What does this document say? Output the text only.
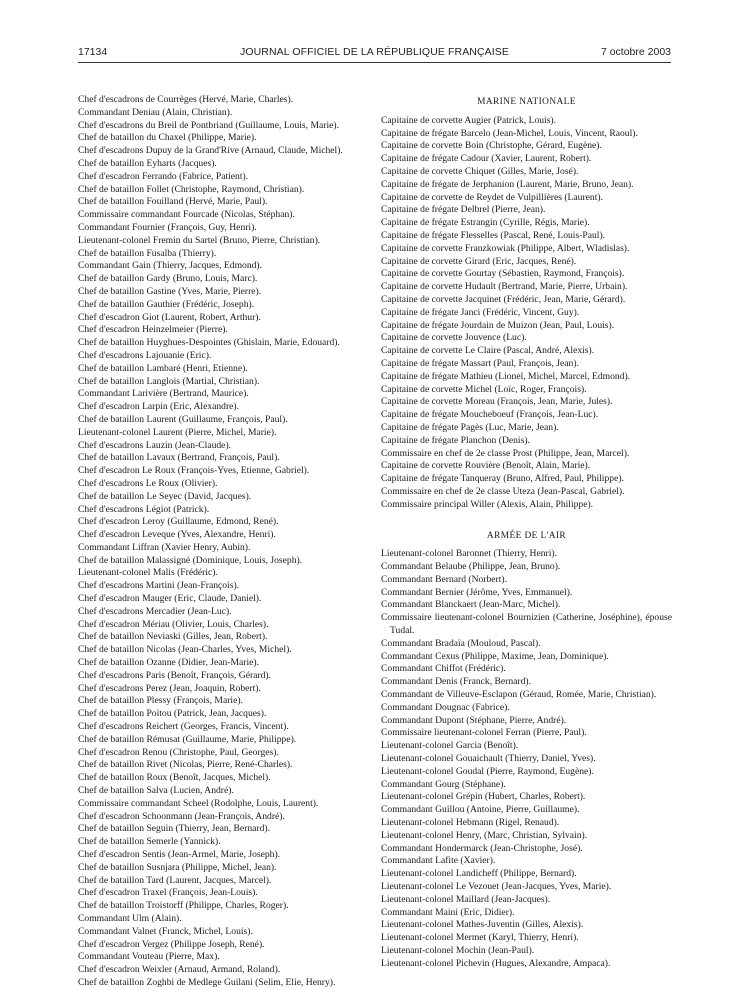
17134	JOURNAL OFFICIEL DE LA RÉPUBLIQUE FRANÇAISE	7 octobre 2003
Chef d'escadrons de Courrèges (Hervé, Marie, Charles).
Commandant Deniau (Alain, Christian).
Chef d'escadrons du Breil de Pontbriand (Guillaume, Louis, Marie).
Chef de bataillon du Chaxel (Philippe, Marie).
Chef d'escadrons Dupuy de la Grand'Rive (Arnaud, Claude, Michel).
Chef de bataillon Eyharts (Jacques).
Chef d'escadron Ferrando (Fabrice, Patient).
Chef de bataillon Follet (Christophe, Raymond, Christian).
Chef de bataillon Fouilland (Hervé, Marie, Paul).
Commissaire commandant Fourcade (Nicolas, Stéphan).
Commandant Fournier (François, Guy, Henri).
Lieutenant-colonel Fremin du Sartel (Bruno, Pierre, Christian).
Chef de bataillon Fusalba (Thierry).
Commandant Gain (Thierry, Jacques, Edmond).
Chef de bataillon Gardy (Bruno, Louis, Marc).
Chef de bataillon Gastine (Yves, Marie, Pierre).
Chef de bataillon Gauthier (Frédéric, Joseph).
Chef d'escadron Giot (Laurent, Robert, Arthur).
Chef d'escadron Heinzelmeier (Pierre).
Chef de bataillon Huyghues-Despointes (Ghislain, Marie, Edouard).
Chef d'escadrons Lajouanie (Eric).
Chef de bataillon Lambaré (Henri, Etienne).
Chef de bataillon Langlois (Martial, Christian).
Commandant Larivière (Bertrand, Maurice).
Chef d'escadron Larpin (Eric, Alexandre).
Chef de bataillon Laurent (Guillaume, François, Paul).
Lieutenant-colonel Laurent (Pierre, Michel, Marie).
Chef d'escadrons Lauzin (Jean-Claude).
Chef de bataillon Lavaux (Bertrand, François, Paul).
Chef d'escadron Le Roux (François-Yves, Etienne, Gabriel).
Chef d'escadrons Le Roux (Olivier).
Chef de bataillon Le Seyec (David, Jacques).
Chef d'escadrons Légiot (Patrick).
Chef d'escadron Leroy (Guillaume, Edmond, René).
Chef d'escadron Leveque (Yves, Alexandre, Henri).
Commandant Liffran (Xavier Henry, Aubin).
Chef de bataillon Malassigné (Dominique, Louis, Joseph).
Lieutenant-colonel Malis (Frédéric).
Chef d'escadrons Martini (Jean-François).
Chef d'escadron Mauger (Eric, Claude, Daniel).
Chef d'escadrons Mercadier (Jean-Luc).
Chef d'escadron Mériau (Olivier, Louis, Charles).
Chef de bataillon Neviaski (Gilles, Jean, Robert).
Chef de bataillon Nicolas (Jean-Charles, Yves, Michel).
Chef de bataillon Ozanne (Didier, Jean-Marie).
Chef d'escadrons Paris (Benoît, François, Gérard).
Chef d'escadrons Perez (Jean, Joaquin, Robert).
Chef de bataillon Plessy (François, Marie).
Chef de bataillon Poitou (Patrick, Jean, Jacques).
Chef d'escadrons Reichert (Georges, Francis, Vincent).
Chef de bataillon Rémusat (Guillaume, Marie, Philippe).
Chef d'escadron Renou (Christophe, Paul, Georges).
Chef de bataillon Rivet (Nicolas, Pierre, René-Charles).
Chef de bataillon Roux (Benoît, Jacques, Michel).
Chef de bataillon Salva (Lucien, André).
Commissaire commandant Scheel (Rodolphe, Louis, Laurent).
Chef d'escadron Schoonmann (Jean-François, André).
Chef de bataillon Seguin (Thierry, Jean, Bernard).
Chef de bataillon Semerle (Yannick).
Chef d'escadron Sentis (Jean-Armel, Marie, Joseph).
Chef de bataillon Susnjara (Philippe, Michel, Jean).
Chef de bataillon Tard (Laurent, Jacques, Marcel).
Chef d'escadron Traxel (François, Jean-Louis).
Chef de bataillon Troistorff (Philippe, Charles, Roger).
Commandant Ulm (Alain).
Commandant Valnet (Franck, Michel, Louis).
Chef d'escadron Vergez (Philippe Joseph, René).
Commandant Vouteau (Pierre, Max).
Chef d'escadron Weixler (Arnaud, Armand, Roland).
Chef de bataillon Zoghbi de Medlege Guilani (Selim, Elie, Henry).
MARINE NATIONALE
Capitaine de corvette Augier (Patrick, Louis).
Capitaine de frégate Barcelo (Jean-Michel, Louis, Vincent, Raoul).
Capitaine de corvette Boin (Christophe, Gérard, Eugène).
Capitaine de frégate Cadour (Xavier, Laurent, Robert).
Capitaine de corvette Chiquet (Gilles, Marie, José).
Capitaine de frégate de Jerphanion (Laurent, Marie, Bruno, Jean).
Capitaine de corvette de Reydet de Vulpillières (Laurent).
Capitaine de frégate Delbrel (Pierre, Jean).
Capitaine de frégate Estrangin (Cyrille, Régis, Marie).
Capitaine de frégate Flesselles (Pascal, René, Louis-Paul).
Capitaine de corvette Franzkowiak (Philippe, Albert, Wladislas).
Capitaine de corvette Girard (Eric, Jacques, René).
Capitaine de corvette Gourtay (Sébastien, Raymond, François).
Capitaine de corvette Hudault (Bertrand, Marie, Pierre, Urbain).
Capitaine de corvette Jacquinet (Frédéric, Jean, Marie, Gérard).
Capitaine de frégate Janci (Frédéric, Vincent, Guy).
Capitaine de frégate Jourdain de Muizon (Jean, Paul, Louis).
Capitaine de corvette Jouvence (Luc).
Capitaine de corvette Le Claire (Pascal, André, Alexis).
Capitaine de frégate Massart (Paul, François, Jean).
Capitaine de frégate Mathieu (Lionel, Michel, Marcel, Edmond).
Capitaine de corvette Michel (Loïc, Roger, François).
Capitaine de corvette Moreau (François, Jean, Marie, Jules).
Capitaine de frégate Moucheboeuf (François, Jean-Luc).
Capitaine de frégate Pagès (Luc, Marie, Jean).
Capitaine de frégate Planchon (Denis).
Commissaire en chef de 2e classe Prost (Philippe, Jean, Marcel).
Capitaine de corvette Rouvière (Benoît, Alain, Marie).
Capitaine de frégate Tanqueray (Bruno, Alfred, Paul, Philippe).
Commissaire en chef de 2e classe Uteza (Jean-Pascal, Gabriel).
Commissaire principal Willer (Alexis, Alain, Philippe).
ARMÉE DE L'AIR
Lieutenant-colonel Baronnet (Thierry, Henri).
Commandant Belaube (Philippe, Jean, Bruno).
Commandant Bernard (Norbert).
Commandant Bernier (Jérôme, Yves, Emmanuel).
Commandant Blanckaert (Jean-Marc, Michel).
Commissaire lieutenant-colonel Bournizien (Catherine, Joséphine), épouse Tudal.
Commandant Bradaïa (Mouloud, Pascal).
Commandant Cexus (Philippe, Maxime, Jean, Dominique).
Commandant Chiffot (Frédéric).
Commandant Denis (Franck, Bernard).
Commandant de Villeuve-Esclapon (Géraud, Romée, Marie, Christian).
Commandant Dougnac (Fabrice).
Commandant Dupont (Stéphane, Pierre, André).
Commissaire lieutenant-colonel Ferran (Pierre, Paul).
Lieutenant-colonel Garcia (Benoît).
Lieutenant-colonel Gouaichault (Thierry, Daniel, Yves).
Lieutenant-colonel Goudal (Pierre, Raymond, Eugène).
Commandant Gourg (Stéphane).
Lieutenant-colonel Grépin (Hubert, Charles, Robert).
Commandant Guillou (Antoine, Pierre, Guillaume).
Lieutenant-colonel Hebmann (Rigel, Renaud).
Lieutenant-colonel Henry, (Marc, Christian, Sylvain).
Commandant Hondermarck (Jean-Christophe, José).
Commandant Lafite (Xavier).
Lieutenant-colonel Landicheff (Philippe, Bernard).
Lieutenant-colonel Le Vezouet (Jean-Jacques, Yves, Marie).
Lieutenant-colonel Maillard (Jean-Jacques).
Commandant Maini (Eric, Didier).
Lieutenant-colonel Mathes-Juventin (Gilles, Alexis).
Lieutenant-colonel Mermet (Karyl, Thierry, Henri).
Lieutenant-colonel Mochin (Jean-Paul).
Lieutenant-colonel Pichevin (Hugues, Alexandre, Ampaca).
